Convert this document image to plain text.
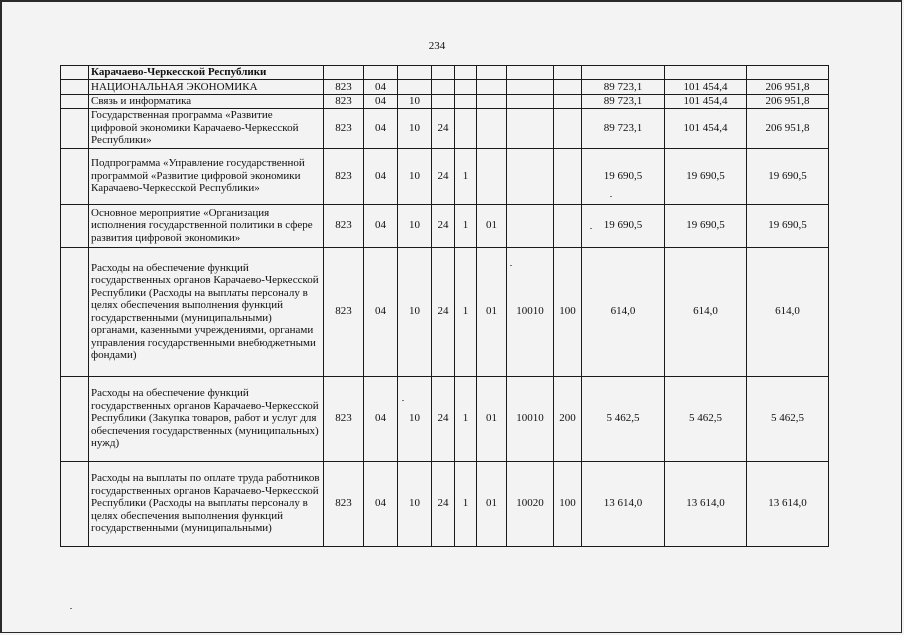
234
	Карачаево-Черкесской Республики											
	НАЦИОНАЛЬНАЯ ЭКОНОМИКА	823	04							89 723,1	101 454,4	206 951,8
	Связь и информатика	823	04	10						89 723,1	101 454,4	206 951,8
	Государственная программа «Развитие цифровой экономики Карачаево-Черкесской Республики»	823	04	10	24					89 723,1	101 454,4	206 951,8
	Подпрограмма «Управление государственной программой «Развитие цифровой экономики Карачаево-Черкесской Республики»	823	04	10	24	1				19 690,5	19 690,5	19 690,5
	Основное мероприятие «Организация исполнения государственной политики в сфере развития цифровой экономики»	823	04	10	24	1	01			19 690,5	19 690,5	19 690,5
	Расходы на обеспечение функций государственных органов Карачаево-Черкесской Республики (Расходы на выплаты персоналу в целях обеспечения выполнения функций государственными (муниципальными) органами, казенными учреждениями, органами управления государственными внебюджетными фондами)	823	04	10	24	1	01	10010	100	614,0	614,0	614,0
	Расходы на обеспечение функций государственных органов Карачаево-Черкесской Республики (Закупка товаров, работ и услуг для обеспечения государственных (муниципальных) нужд)	823	04	10	24	1	01	10010	200	5 462,5	5 462,5	5 462,5
	Расходы на выплаты по оплате труда работников государственных органов Карачаево-Черкесской Республики (Расходы на выплаты персоналу в целях обеспечения выполнения функций государственными (муниципальными)	823	04	10	24	1	01	10020	100	13 614,0	13 614,0	13 614,0
